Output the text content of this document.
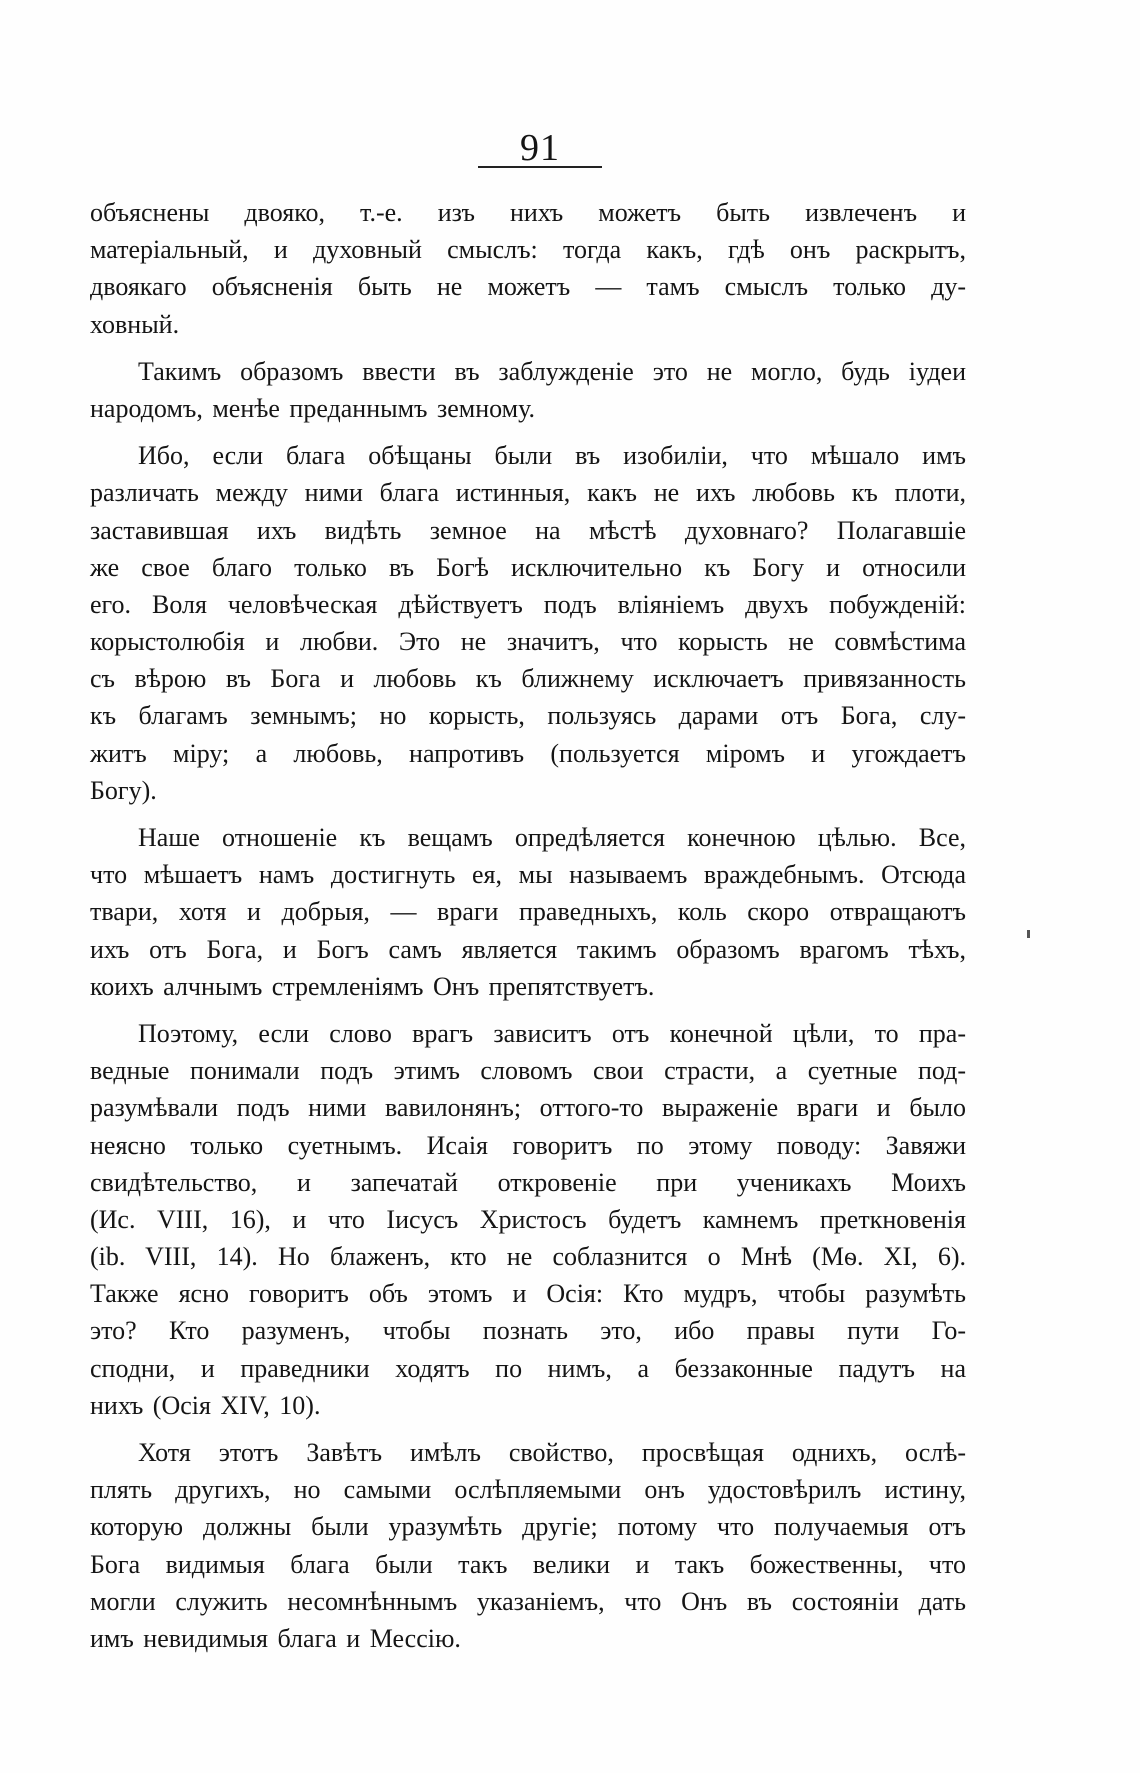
91
объяснены двояко, т.-е. изъ нихъ можетъ быть извлеченъ и
матеріальный, и духовный смыслъ: тогда какъ, гдѣ онъ раскрытъ,
двоякаго объясненія быть не можетъ — тамъ смыслъ только ду-
ховный.
Такимъ образомъ ввести въ заблужденіе это не могло, будь іудеи
народомъ, менѣе преданнымъ земному.
Ибо, если блага обѣщаны были въ изобиліи, что мѣшало имъ
различать между ними блага истинныя, какъ не ихъ любовь къ плоти,
заставившая ихъ видѣть земное на мѣстѣ духовнаго? Полагавшіе
же свое благо только въ Богѣ исключительно къ Богу и относили
его. Воля человѣческая дѣйствуетъ подъ вліяніемъ двухъ побужденій:
корыстолюбія и любви. Это не значитъ, что корысть не совмѣстима
съ вѣрою въ Бога и любовь къ ближнему исключаетъ привязанность
къ благамъ земнымъ; но корысть, пользуясь дарами отъ Бога, слу-
житъ міру; а любовь, напротивъ (пользуется міромъ и угождаетъ
Богу).
Наше отношеніе къ вещамъ опредѣляется конечною цѣлью. Все,
что мѣшаетъ намъ достигнуть ея, мы называемъ враждебнымъ. Отсюда
твари, хотя и добрыя, — враги праведныхъ, коль скоро отвращаютъ
ихъ отъ Бога, и Богъ самъ является такимъ образомъ врагомъ тѣхъ,
коихъ алчнымъ стремленіямъ Онъ препятствуетъ.
Поэтому, если слово врагъ зависитъ отъ конечной цѣли, то пра-
ведные понимали подъ этимъ словомъ свои страсти, а суетные под-
разумѣвали подъ ними вавилонянъ; оттого-то выраженіе враги и было
неясно только суетнымъ. Исаія говоритъ по этому поводу: Завяжи
свидѣтельство, и запечатай откровеніе при ученикахъ Моихъ
(Ис. VIII, 16), и что Іисусъ Христосъ будетъ камнемъ преткновенія
(ib. VIII, 14). Но блаженъ, кто не соблазнится о Мнѣ (Мѳ. XI, 6).
Также ясно говоритъ объ этомъ и Осія: Кто мудръ, чтобы разумѣть
это? Кто разуменъ, чтобы познать это, ибо правы пути Го-
сподни, и праведники ходятъ по нимъ, а беззаконные падутъ на
нихъ (Осія XIV, 10).
Хотя этотъ Завѣтъ имѣлъ свойство, просвѣщая однихъ, ослѣ-
плять другихъ, но самыми ослѣпляемыми онъ удостовѣрилъ истину,
которую должны были уразумѣть другіе; потому что получаемыя отъ
Бога видимыя блага были такъ велики и такъ божественны, что
могли служить несомнѣннымъ указаніемъ, что Онъ въ состояніи дать
имъ невидимыя блага и Мессію.
